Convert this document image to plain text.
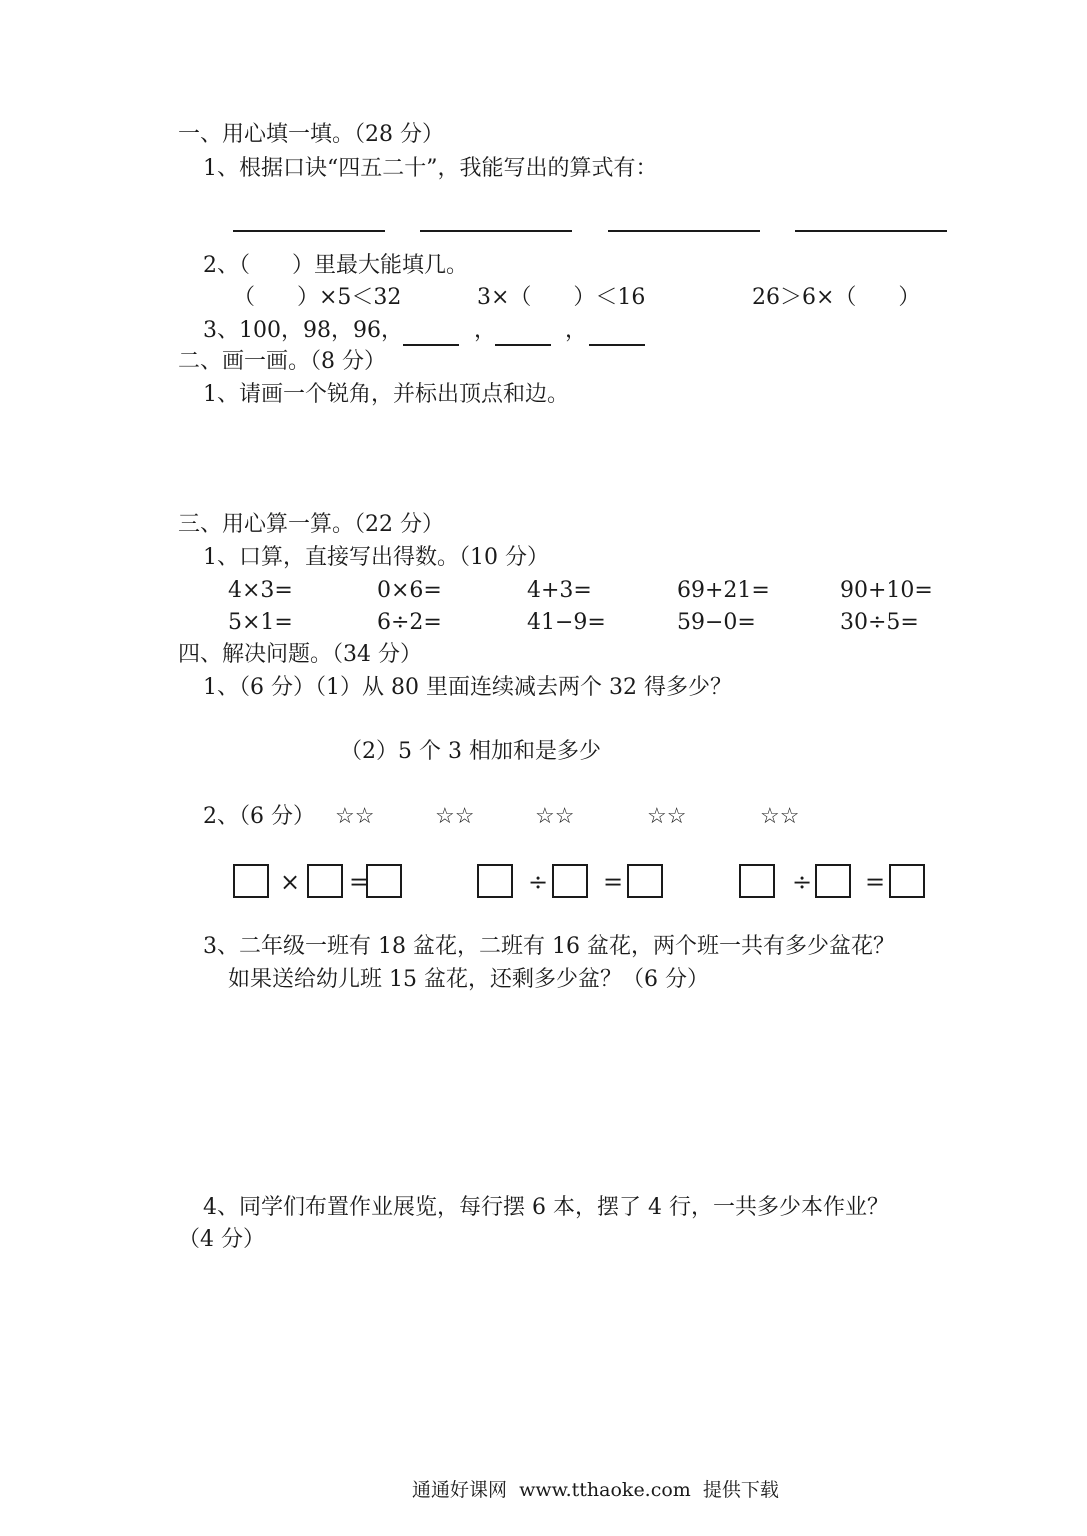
一、用心填一填。（28 分）
1、根据口诀“四五二十”，我能写出的算式有：
2、（      ）里最大能填几。
（      ）×5＜32	3×（      ）＜16	26＞6×（      ）
3、100，98，96，	，	，
二、画一画。（8 分）
1、请画一个锐角，并标出顶点和边。
三、用心算一算。（22 分）
1、口算，直接写出得数。（10 分）
4×3=	0×6=	4+3=	69+21=	90+10=
5×1=	6÷2=	41−9=	59−0=	30÷5=
四、解决问题。（34 分）
1、（6 分）（1）从 80 里面连续减去两个 32 得多少？
（2）5 个 3 相加和是多少
2、（6 分） ☆☆	☆☆	☆☆	☆☆	☆☆
× =	÷ =	÷ =
3、二年级一班有 18 盆花，二班有 16 盆花，两个班一共有多少盆花？
如果送给幼儿班 15 盆花，还剩多少盆？（6 分）
4、同学们布置作业展览，每行摆 6 本，摆了 4 行，一共多少本作业？
（4 分）
通通好课网  www.tthaoke.com  提供下载
